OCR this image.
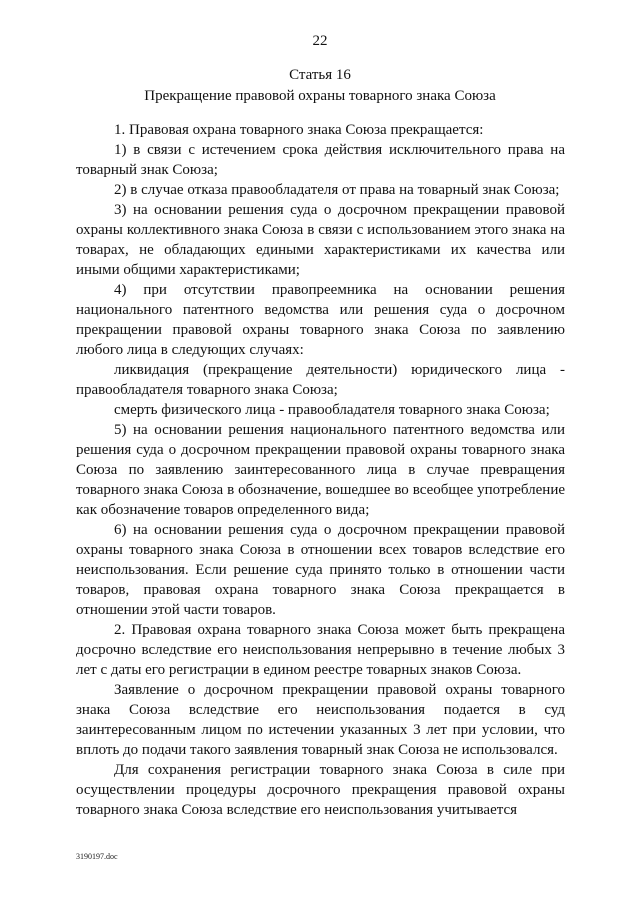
22
Статья 16
Прекращение правовой охраны товарного знака Союза

1. Правовая охрана товарного знака Союза прекращается:

1) в связи с истечением срока действия исключительного права на товарный знак Союза;

2) в случае отказа правообладателя от права на товарный знак Союза;

3) на основании решения суда о досрочном прекращении правовой охраны коллективного знака Союза в связи с использованием этого знака на товарах, не обладающих едиными характеристиками их качества или иными общими характеристиками;

4) при отсутствии правопреемника на основании решения национального патентного ведомства или решения суда о досрочном прекращении правовой охраны товарного знака Союза по заявлению любого лица в следующих случаях:

ликвидация (прекращение деятельности) юридического лица - правообладателя товарного знака Союза;

смерть физического лица - правообладателя товарного знака Союза;

5) на основании решения национального патентного ведомства или решения суда о досрочном прекращении правовой охраны товарного знака Союза по заявлению заинтересованного лица в случае превращения товарного знака Союза в обозначение, вошедшее во всеобщее употребление как обозначение товаров определенного вида;

6) на основании решения суда о досрочном прекращении правовой охраны товарного знака Союза в отношении всех товаров вследствие его неиспользования. Если решение суда принято только в отношении части товаров, правовая охрана товарного знака Союза прекращается в отношении этой части товаров.

2. Правовая охрана товарного знака Союза может быть прекращена досрочно вследствие его неиспользования непрерывно в течение любых 3 лет с даты его регистрации в едином реестре товарных знаков Союза.

Заявление о досрочном прекращении правовой охраны товарного знака Союза вследствие его неиспользования подается в суд заинтересованным лицом по истечении указанных 3 лет при условии, что вплоть до подачи такого заявления товарный знак Союза не использовался.

Для сохранения регистрации товарного знака Союза в силе при осуществлении процедуры досрочного прекращения правовой охраны товарного знака Союза вследствие его неиспользования учитывается

3190197.doc
